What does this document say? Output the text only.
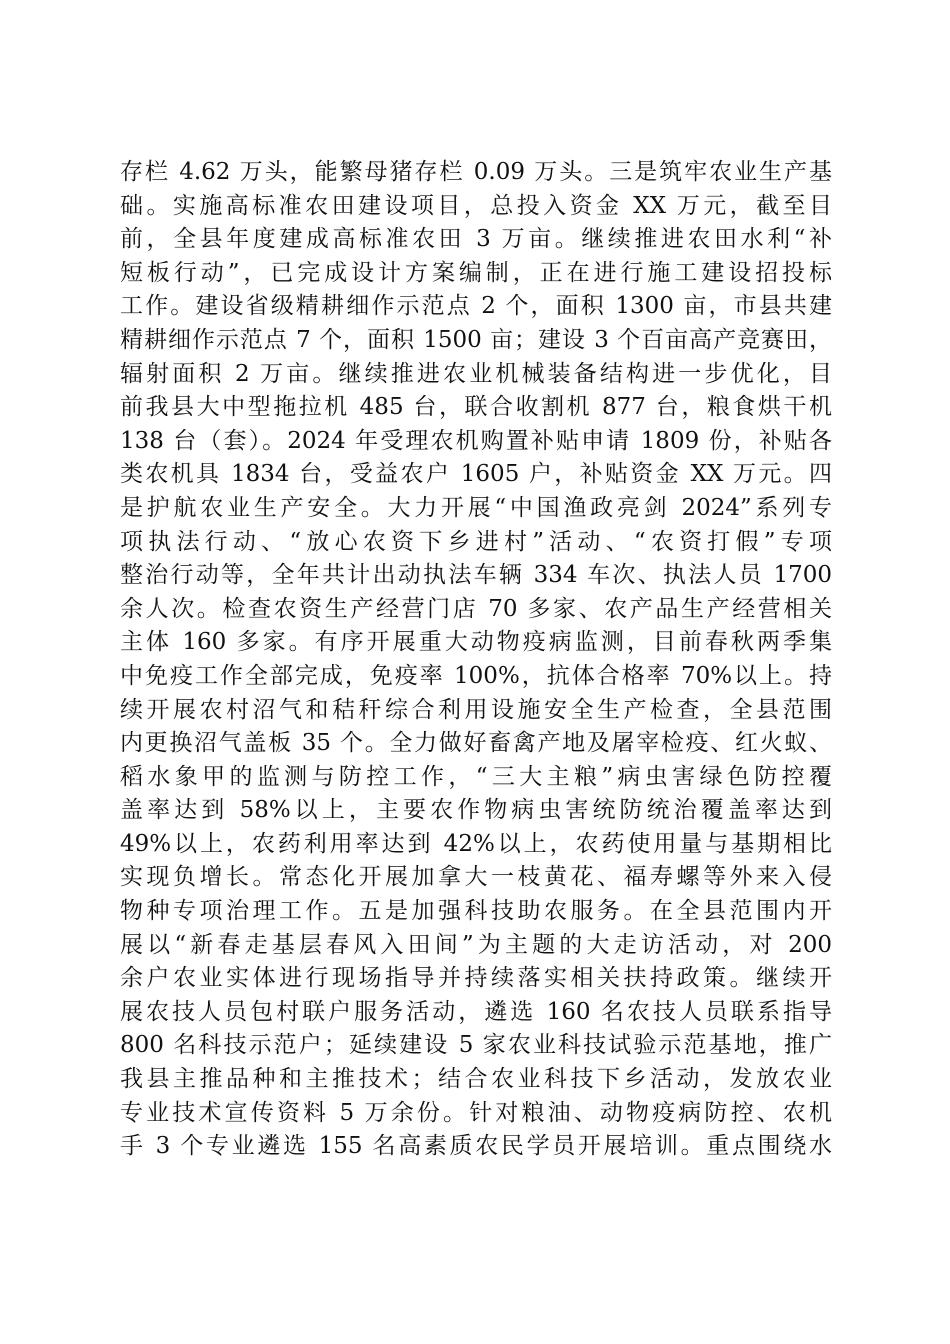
存栏 4.62 万头，能繁母猪存栏 0.09 万头。三是筑牢农业生产基
础。实施高标准农田建设项目，总投入资金 XX 万元，截至目
前，全县年度建成高标准农田 3 万亩。继续推进农田水利“补
短板行动”，已完成设计方案编制，正在进行施工建设招投标
工作。建设省级精耕细作示范点 2 个，面积 1300 亩，市县共建
精耕细作示范点 7 个，面积 1500 亩；建设 3 个百亩高产竞赛田，
辐射面积 2 万亩。继续推进农业机械装备结构进一步优化，目
前我县大中型拖拉机 485 台，联合收割机 877 台，粮食烘干机
138 台（套）。2024 年受理农机购置补贴申请 1809 份，补贴各
类农机具 1834 台，受益农户 1605 户，补贴资金 XX 万元。四
是护航农业生产安全。大力开展“中国渔政亮剑 2024”系列专
项执法行动、“放心农资下乡进村”活动、“农资打假”专项
整治行动等，全年共计出动执法车辆 334 车次、执法人员 1700
余人次。检查农资生产经营门店 70 多家、农产品生产经营相关
主体 160 多家。有序开展重大动物疫病监测，目前春秋两季集
中免疫工作全部完成，免疫率 100%，抗体合格率 70%以上。持
续开展农村沼气和秸秆综合利用设施安全生产检查，全县范围
内更换沼气盖板 35 个。全力做好畜禽产地及屠宰检疫、红火蚁、
稻水象甲的监测与防控工作，“三大主粮”病虫害绿色防控覆
盖率达到 58%以上，主要农作物病虫害统防统治覆盖率达到
49%以上，农药利用率达到 42%以上，农药使用量与基期相比
实现负增长。常态化开展加拿大一枝黄花、福寿螺等外来入侵
物种专项治理工作。五是加强科技助农服务。在全县范围内开
展以“新春走基层春风入田间”为主题的大走访活动，对 200
余户农业实体进行现场指导并持续落实相关扶持政策。继续开
展农技人员包村联户服务活动，遴选 160 名农技人员联系指导
800 名科技示范户；延续建设 5 家农业科技试验示范基地，推广
我县主推品种和主推技术；结合农业科技下乡活动，发放农业
专业技术宣传资料 5 万余份。针对粮油、动物疫病防控、农机
手 3 个专业遴选 155 名高素质农民学员开展培训。重点围绕水
